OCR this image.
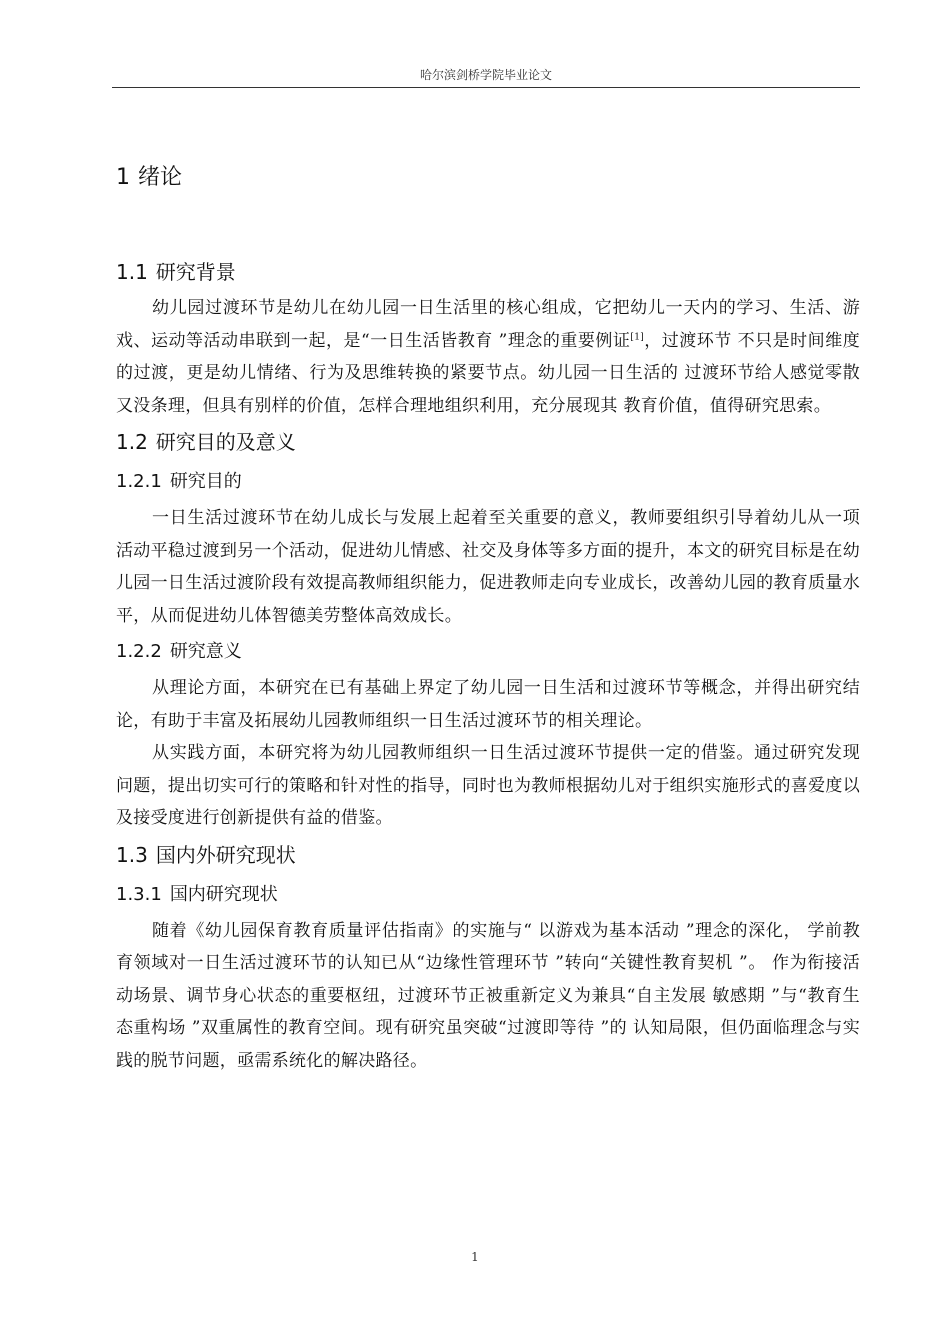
哈尔滨剑桥学院毕业论文
1 绪论
1.1 研究背景

幼儿园过渡环节是幼儿在幼儿园一日生活里的核心组成，它把幼儿一天内的学习、生活、游戏、运动等活动串联到一起，是“一日生活皆教育 ”理念的重要例证[1]，过渡环节 不只是时间维度的过渡，更是幼儿情绪、行为及思维转换的紧要节点。幼儿园一日生活的 过渡环节给人感觉零散又没条理，但具有别样的价值，怎样合理地组织利用，充分展现其 教育价值，值得研究思索。

1.2 研究目的及意义
1.2.1 研究目的

一日生活过渡环节在幼儿成长与发展上起着至关重要的意义，教师要组织引导着幼儿从一项活动平稳过渡到另一个活动，促进幼儿情感、社交及身体等多方面的提升，本文的研究目标是在幼儿园一日生活过渡阶段有效提高教师组织能力，促进教师走向专业成长，改善幼儿园的教育质量水平，从而促进幼儿体智德美劳整体高效成长。

1.2.2 研究意义

从理论方面，本研究在已有基础上界定了幼儿园一日生活和过渡环节等概念，并得出研究结论，有助于丰富及拓展幼儿园教师组织一日生活过渡环节的相关理论。

从实践方面，本研究将为幼儿园教师组织一日生活过渡环节提供一定的借鉴。通过研究发现问题，提出切实可行的策略和针对性的指导，同时也为教师根据幼儿对于组织实施形式的喜爱度以及接受度进行创新提供有益的借鉴。

1.3 国内外研究现状
1.3.1 国内研究现状

随着《幼儿园保育教育质量评估指南》的实施与“ 以游戏为基本活动 ”理念的深化， 学前教育领域对一日生活过渡环节的认知已从“边缘性管理环节 ”转向“关键性教育契机 ”。 作为衔接活动场景、调节身心状态的重要枢纽，过渡环节正被重新定义为兼具“自主发展 敏感期 ”与“教育生态重构场 ”双重属性的教育空间。现有研究虽突破“过渡即等待 ”的 认知局限，但仍面临理念与实践的脱节问题，亟需系统化的解决路径。

1
